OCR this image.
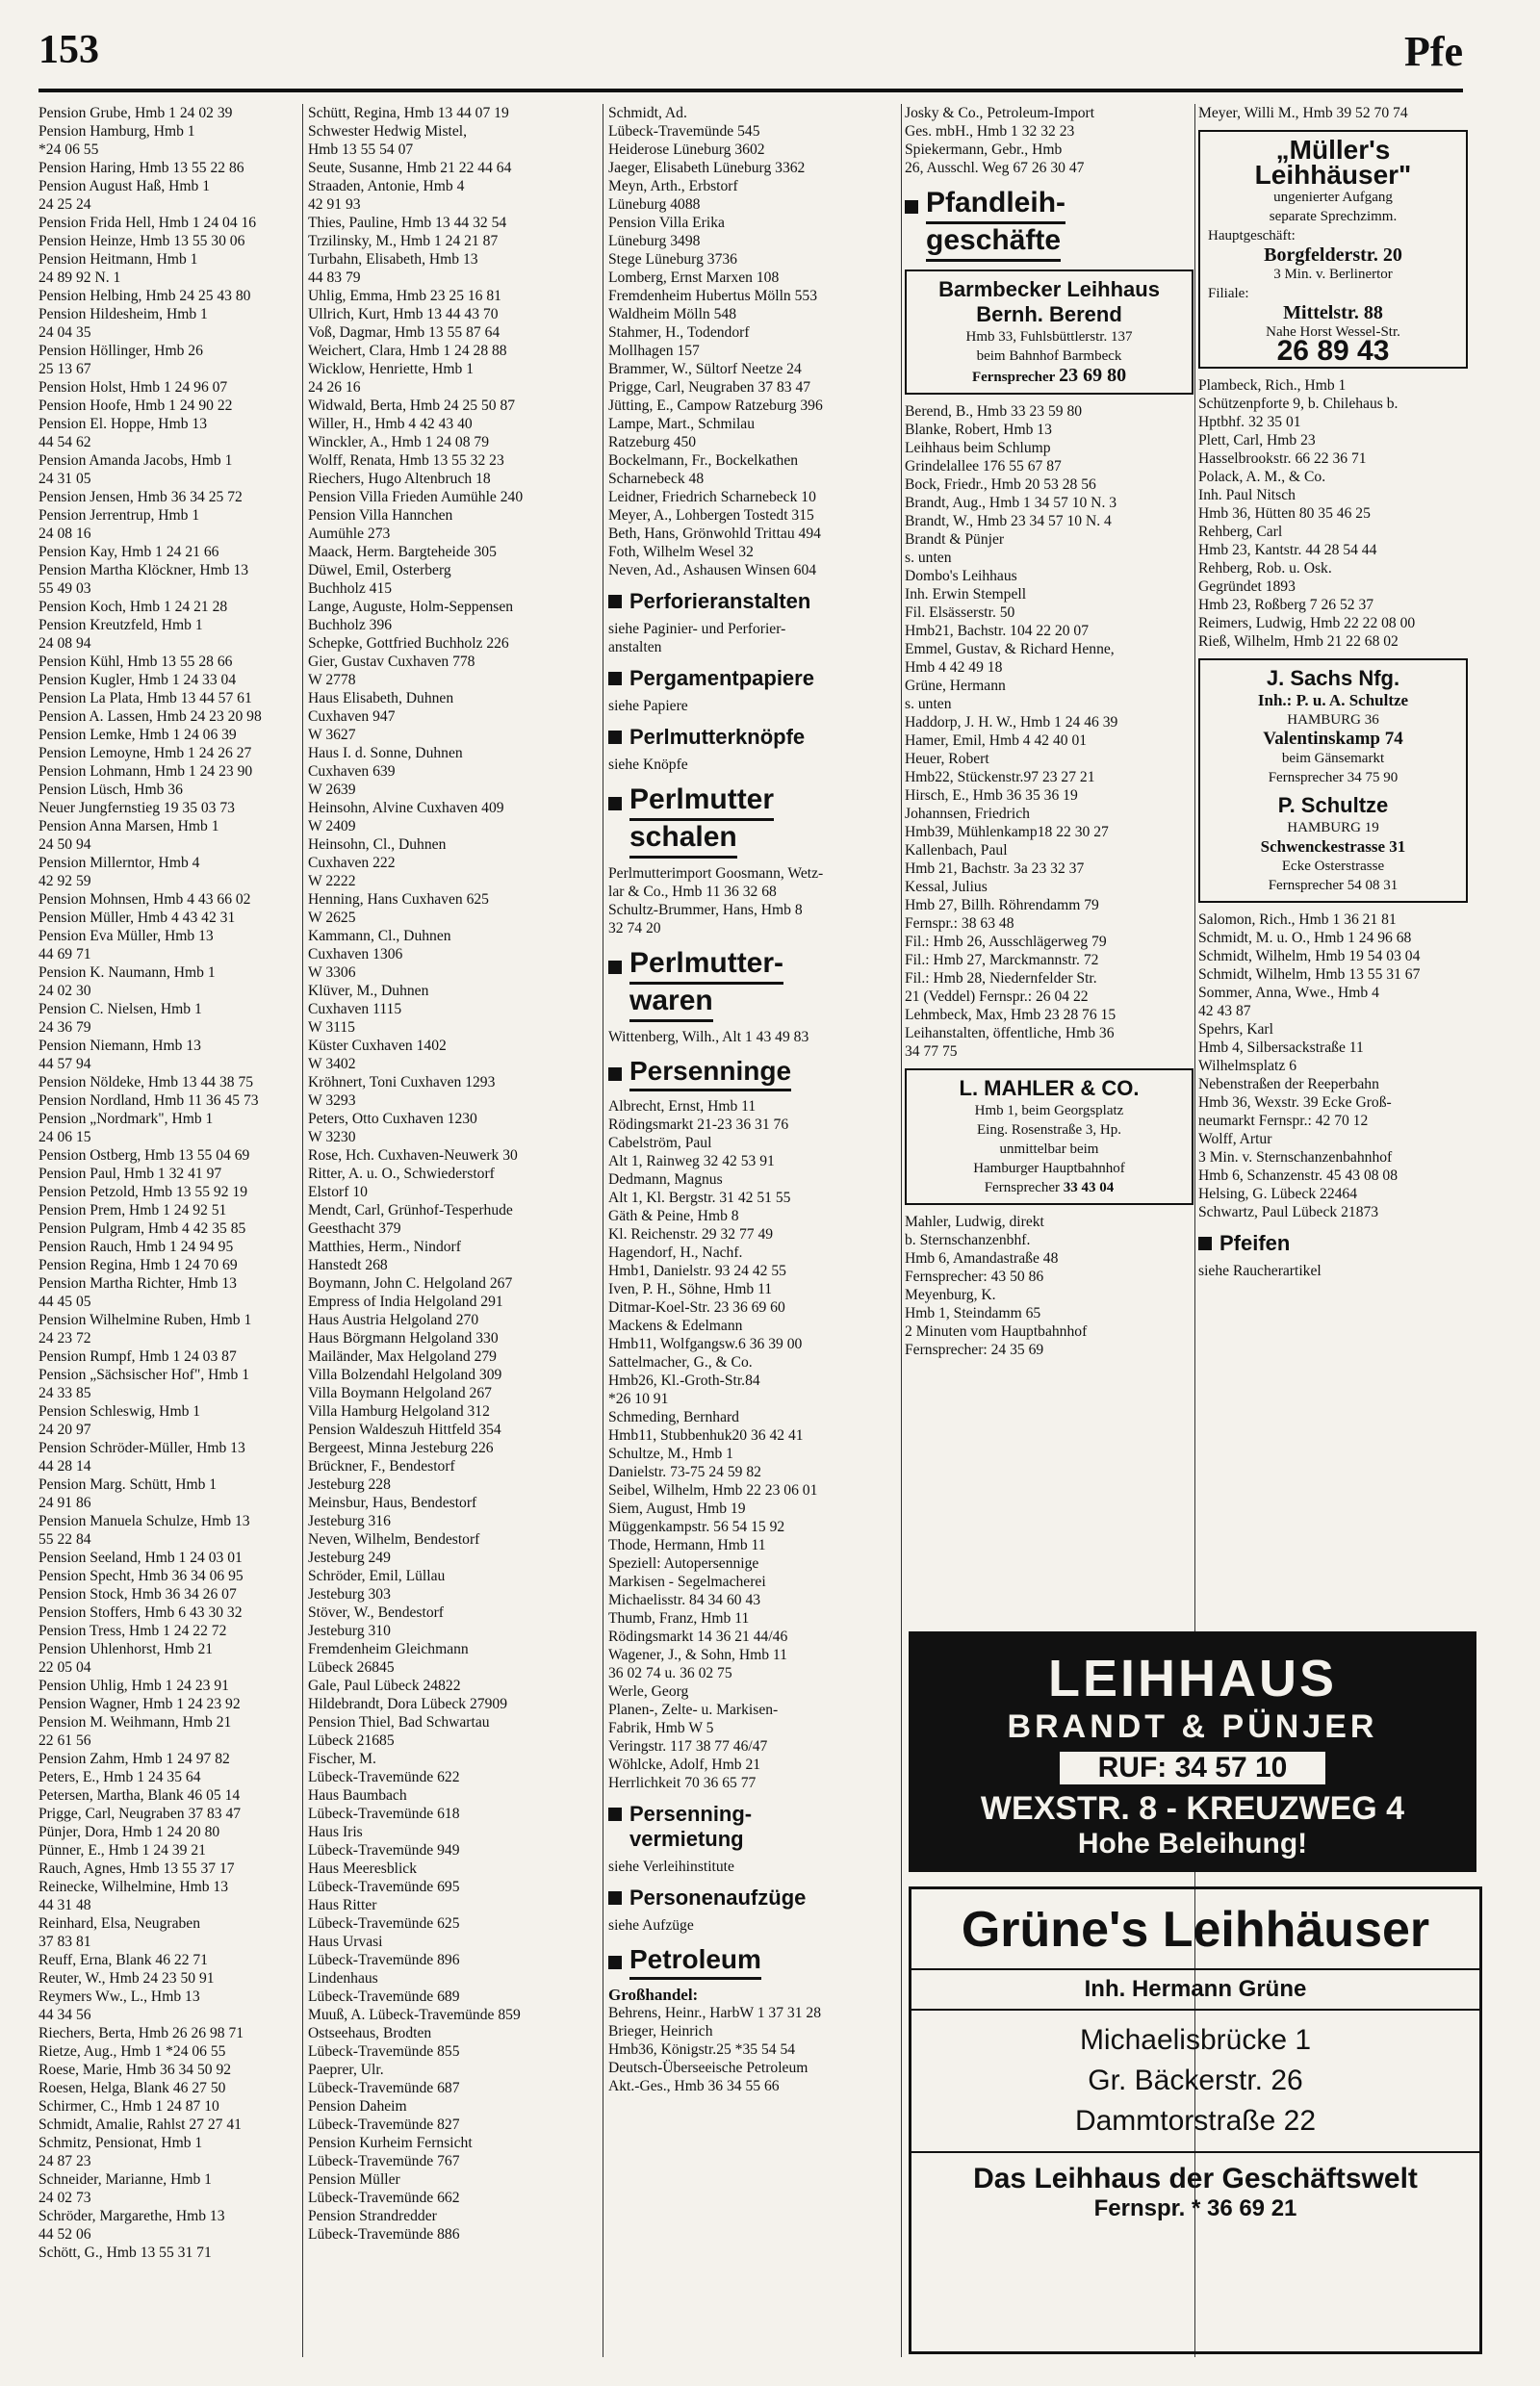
153	Pfe
Pension Grube, Hmb 1 24 02 39
Pension Hamburg, Hmb 1
*24 06 55
Pension Haring, Hmb 13 55 22 86
Pension August Haß, Hmb 1
24 25 24
Pension Frida Hell, Hmb 1 24 04 16
Pension Heinze, Hmb 13 55 30 06
Pension Heitmann, Hmb 1
24 89 92 N. 1
Pension Helbing, Hmb 24 25 43 80
Pension Hildesheim, Hmb 1
24 04 35
Pension Höllinger, Hmb 26
25 13 67
Pension Holst, Hmb 1 24 96 07
Pension Hoofe, Hmb 1 24 90 22
Pension El. Hoppe, Hmb 13
44 54 62
Pension Amanda Jacobs, Hmb 1
24 31 05
Pension Jensen, Hmb 36 34 25 72
Pension Jerrentrup, Hmb 1
24 08 16
Pension Kay, Hmb 1 24 21 66
Pension Martha Klöckner, Hmb 13
55 49 03
Pension Koch, Hmb 1 24 21 28
Pension Kreutzfeld, Hmb 1
24 08 94
Pension Kühl, Hmb 13 55 28 66
Pension Kugler, Hmb 1 24 33 04
Pension La Plata, Hmb 13 44 57 61
Pension A. Lassen, Hmb 24 23 20 98
Pension Lemke, Hmb 1 24 06 39
Pension Lemoyne, Hmb 1 24 26 27
Pension Lohmann, Hmb 1 24 23 90
Pension Lüsch, Hmb 36
Neuer Jungfernstieg 19 35 03 73
Pension Anna Marsen, Hmb 1
24 50 94
Pension Millerntor, Hmb 4
42 92 59
Pension Mohnsen, Hmb 4 43 66 02
Pension Müller, Hmb 4 43 42 31
Pension Eva Müller, Hmb 13
44 69 71
Pension K. Naumann, Hmb 1
24 02 30
Pension C. Nielsen, Hmb 1
24 36 79
Pension Niemann, Hmb 13
44 57 94
Pension Nöldeke, Hmb 13 44 38 75
Pension Nordland, Hmb 11 36 45 73
Pension „Nordmark", Hmb 1
24 06 15
Pension Ostberg, Hmb 13 55 04 69
Pension Paul, Hmb 1 32 41 97
Pension Petzold, Hmb 13 55 92 19
Pension Prem, Hmb 1 24 92 51
Pension Pulgram, Hmb 4 42 35 85
Pension Rauch, Hmb 1 24 94 95
Pension Regina, Hmb 1 24 70 69
Pension Martha Richter, Hmb 13
44 45 05
Pension Wilhelmine Ruben, Hmb 1
24 23 72
Pension Rumpf, Hmb 1 24 03 87
Pension „Sächsischer Hof", Hmb 1
24 33 85
Pension Schleswig, Hmb 1
24 20 97
Pension Schröder-Müller, Hmb 13
44 28 14
Pension Marg. Schütt, Hmb 1
24 91 86
Pension Manuela Schulze, Hmb 13
55 22 84
Pension Seeland, Hmb 1 24 03 01
Pension Specht, Hmb 36 34 06 95
Pension Stock, Hmb 36 34 26 07
Pension Stoffers, Hmb 6 43 30 32
Pension Tress, Hmb 1 24 22 72
Pension Uhlenhorst, Hmb 21
22 05 04
Pension Uhlig, Hmb 1 24 23 91
Pension Wagner, Hmb 1 24 23 92
Pension M. Weihmann, Hmb 21
22 61 56
Pension Zahm, Hmb 1 24 97 82
Peters, E., Hmb 1 24 35 64
Petersen, Martha, Blank 46 05 14
Prigge, Carl, Neugraben 37 83 47
Pünjer, Dora, Hmb 1 24 20 80
Pünner, E., Hmb 1 24 39 21
Rauch, Agnes, Hmb 13 55 37 17
Reinecke, Wilhelmine, Hmb 13
44 31 48
Reinhard, Elsa, Neugraben
37 83 81
Reuff, Erna, Blank 46 22 71
Reuter, W., Hmb 24 23 50 91
Reymers Ww., L., Hmb 13
44 34 56
Riechers, Berta, Hmb 26 26 98 71
Rietze, Aug., Hmb 1 *24 06 55
Roese, Marie, Hmb 36 34 50 92
Roesen, Helga, Blank 46 27 50
Schirmer, C., Hmb 1 24 87 10
Schmidt, Amalie, Rahlst 27 27 41
Schmitz, Pensionat, Hmb 1
24 87 23
Schneider, Marianne, Hmb 1
24 02 73
Schröder, Margarethe, Hmb 13
44 52 06
Schött, G., Hmb 13 55 31 71
Schütt, Regina, Hmb 13 44 07 19
Schwester Hedwig Mistel,
Hmb 13 55 54 07
Seute, Susanne, Hmb 21 22 44 64
Straaden, Antonie, Hmb 4
42 91 93
Thies, Pauline, Hmb 13 44 32 54
Trzilinsky, M., Hmb 1 24 21 87
Turbahn, Elisabeth, Hmb 13
44 83 79
Uhlig, Emma, Hmb 23 25 16 81
Ullrich, Kurt, Hmb 13 44 43 70
Voß, Dagmar, Hmb 13 55 87 64
Weichert, Clara, Hmb 1 24 28 88
Wicklow, Henriette, Hmb 1
24 26 16
Widwald, Berta, Hmb 24 25 50 87
Willer, H., Hmb 4 42 43 40
Winckler, A., Hmb 1 24 08 79
Wolff, Renata, Hmb 13 55 32 23
Riechers, Hugo Altenbruch 18
Pension Villa Frieden Aumühle 240
Pension Villa Hannchen
Aumühle 273
Maack, Herm. Bargteheide 305
Düwel, Emil, Osterberg
Buchholz 415
Lange, Auguste, Holm-Seppensen
Buchholz 396
Schepke, Gottfried Buchholz 226
Gier, Gustav Cuxhaven 778
W 2778
Haus Elisabeth, Duhnen
Cuxhaven 947
W 3627
Haus I. d. Sonne, Duhnen
Cuxhaven 639
W 2639
Heinsohn, Alvine Cuxhaven 409
W 2409
Heinsohn, Cl., Duhnen
Cuxhaven 222
W 2222
Henning, Hans Cuxhaven 625
W 2625
Kammann, Cl., Duhnen
Cuxhaven 1306
W 3306
Klüver, M., Duhnen
Cuxhaven 1115
W 3115
Küster Cuxhaven 1402
W 3402
Kröhnert, Toni Cuxhaven 1293
W 3293
Peters, Otto Cuxhaven 1230
W 3230
Rose, Hch. Cuxhaven-Neuwerk 30
Ritter, A. u. O., Schwiederstorf
Elstorf 10
Mendt, Carl, Grünhof-Tesperhude
Geesthacht 379
Matthies, Herm., Nindorf
Hanstedt 268
Boymann, John C. Helgoland 267
Empress of India Helgoland 291
Haus Austria Helgoland 270
Haus Börgmann Helgoland 330
Mailänder, Max Helgoland 279
Villa Bolzendahl Helgoland 309
Villa Boymann Helgoland 267
Villa Hamburg Helgoland 312
Pension Waldeszuh Hittfeld 354
Bergeest, Minna Jesteburg 226
Brückner, F., Bendestorf
Jesteburg 228
Meinsbur, Haus, Bendestorf
Jesteburg 316
Neven, Wilhelm, Bendestorf
Jesteburg 249
Schröder, Emil, Lüllau
Jesteburg 303
Stöver, W., Bendestorf
Jesteburg 310
Fremdenheim Gleichmann
Lübeck 26845
Gale, Paul Lübeck 24822
Hildebrandt, Dora Lübeck 27909
Pension Thiel, Bad Schwartau
Lübeck 21685
Fischer, M.
Lübeck-Travemünde 622
Haus Baumbach
Lübeck-Travemünde 618
Haus Iris
Lübeck-Travemünde 949
Haus Meeresblick
Lübeck-Travemünde 695
Haus Ritter
Lübeck-Travemünde 625
Haus Urvasi
Lübeck-Travemünde 896
Lindenhaus
Lübeck-Travemünde 689
Muuß, A. Lübeck-Travemünde 859
Ostseehaus, Brodten
Lübeck-Travemünde 855
Paeprer, Ulr.
Lübeck-Travemünde 687
Pension Daheim
Lübeck-Travemünde 827
Pension Kurheim Fernsicht
Lübeck-Travemünde 767
Pension Müller
Lübeck-Travemünde 662
Pension Strandredder
Lübeck-Travemünde 886
Schmidt, Ad.
Lübeck-Travemünde 545
Heiderose Lüneburg 3602
Jaeger, Elisabeth Lüneburg 3362
Meyn, Arth., Erbstorf
Lüneburg 4088
Pension Villa Erika
Lüneburg 3498
Stege Lüneburg 3736
Lomberg, Ernst Marxen 108
Fremdenheim Hubertus Mölln 553
Waldheim Mölln 548
Stahmer, H., Todendorf
Mollhagen 157
Brammer, W., Sültorf Neetze 24
Prigge, Carl, Neugraben 37 83 47
Jütting, E., Campow Ratzeburg 396
Lampe, Mart., Schmilau
Ratzeburg 450
Bockelmann, Fr., Bockelkathen
Scharnebeck 48
Leidner, Friedrich Scharnebeck 10
Meyer, A., Lohbergen Tostedt 315
Beth, Hans, Grönwohld Trittau 494
Foth, Wilhelm Wesel 32
Neven, Ad., Ashausen Winsen 604
Perforieranstalten
siehe Paginier- und Perforier-
anstalten
Pergamentpapiere
siehe Papiere
Perlmutterknöpfe
siehe Knöpfe
Perlmutter
schalen
Perlmutterimport Goosmann, Wetz-
lar & Co., Hmb 11 36 32 68
Schultz-Brummer, Hans, Hmb 8
32 74 20
Perlmutter-
waren
Wittenberg, Wilh., Alt 1 43 49 83
Persenninge
Albrecht, Ernst, Hmb 11
Rödingsmarkt 21-23 36 31 76
Cabelström, Paul
Alt 1, Rainweg 32 42 53 91
Dedmann, Magnus
Alt 1, Kl. Bergstr. 31 42 51 55
Gäth & Peine, Hmb 8
Kl. Reichenstr. 29 32 77 49
Hagendorf, H., Nachf.
Hmb1, Danielstr. 93 24 42 55
Iven, P. H., Söhne, Hmb 11
Ditmar-Koel-Str. 23 36 69 60
Mackens & Edelmann
Hmb11, Wolfgangsw.6 36 39 00
Sattelmacher, G., & Co.
Hmb26, Kl.-Groth-Str.84
*26 10 91
Schmeding, Bernhard
Hmb11, Stubbenhuk20 36 42 41
Schultze, M., Hmb 1
Danielstr. 73-75 24 59 82
Seibel, Wilhelm, Hmb 22 23 06 01
Siem, August, Hmb 19
Müggenkampstr. 56 54 15 92
Thode, Hermann, Hmb 11
Speziell: Autopersennige
Markisen - Segelmacherei
Michaelisstr. 84 34 60 43
Thumb, Franz, Hmb 11
Rödingsmarkt 14 36 21 44/46
Wagener, J., & Sohn, Hmb 11
36 02 74 u. 36 02 75
Werle, Georg
Planen-, Zelte- u. Markisen-
Fabrik, Hmb W 5
Veringstr. 117 38 77 46/47
Wöhlcke, Adolf, Hmb 21
Herrlichkeit 70 36 65 77
Persenning-
vermietung
siehe Verleihinstitute
Personenaufzüge
siehe Aufzüge
Petroleum
Großhandel:
Behrens, Heinr., HarbW 1 37 31 28
Brieger, Heinrich
Hmb36, Königstr.25 *35 54 54
Deutsch-Überseeische Petroleum
Akt.-Ges., Hmb 36 34 55 66
Josky & Co., Petroleum-Import
Ges. mbH., Hmb 1 32 32 23
Spiekermann, Gebr., Hmb
26, Ausschl. Weg 67 26 30 47
Pfandleih-
geschäfte
Barmbecker Leihhaus
Bernh. Berend
Hmb 33, Fuhlsbüttlerstr. 137
beim Bahnhof Barmbeck
Fernsprecher 23 69 80
Berend, B., Hmb 33 23 59 80
Blanke, Robert, Hmb 13
Leihhaus beim Schlump
Grindelallee 176 55 67 87
Bock, Friedr., Hmb 20 53 28 56
Brandt, Aug., Hmb 1 34 57 10 N. 3
Brandt, W., Hmb 23 34 57 10 N. 4
Brandt & Pünjer
s. unten
Dombo's Leihhaus
Inh. Erwin Stempell
Fil. Elsässerstr. 50
Hmb21, Bachstr. 104 22 20 07
Emmel, Gustav, & Richard Henne,
Hmb 4 42 49 18
Grüne, Hermann
s. unten
Haddorp, J. H. W., Hmb 1 24 46 39
Hamer, Emil, Hmb 4 42 40 01
Heuer, Robert
Hmb22, Stückenstr.97 23 27 21
Hirsch, E., Hmb 36 35 36 19
Johannsen, Friedrich
Hmb39, Mühlenkamp18 22 30 27
Kallenbach, Paul
Hmb 21, Bachstr. 3a 23 32 37
Kessal, Julius
Hmb 27, Billh. Röhrendamm 79
Fernspr.: 38 63 48
Fil.: Hmb 26, Ausschlägerweg 79
Fil.: Hmb 27, Marckmannstr. 72
Fil.: Hmb 28, Niedernfelder Str.
21 (Veddel) Fernspr.: 26 04 22
Lehmbeck, Max, Hmb 23 28 76 15
Leihanstalten, öffentliche, Hmb 36
34 77 75
L. MAHLER & CO.
Hmb 1, beim Georgsplatz
Eing. Rosenstraße 3, Hp.
unmittelbar beim
Hamburger Hauptbahnhof
Fernsprecher 33 43 04
Mahler, Ludwig, direkt
b. Sternschanzenbhf.
Hmb 6, Amandastraße 48
Fernsprecher: 43 50 86
Meyenburg, K.
Hmb 1, Steindamm 65
2 Minuten vom Hauptbahnhof
Fernsprecher: 24 35 69
Meyer, Willi M., Hmb 39 52 70 74
„Müller's
Leihhäuser"
ungenierter Aufgang
separate Sprechzimm.
Hauptgeschäft:
Borgfelderstr. 20
3 Min. v. Berlinertor
Filiale:
Mittelstr. 88
Nahe Horst Wessel-Str.
26 89 43
Plambeck, Rich., Hmb 1
Schützenpforte 9, b. Chilehaus b.
Hptbhf. 32 35 01
Plett, Carl, Hmb 23
Hasselbrookstr. 66 22 36 71
Polack, A. M., & Co.
Inh. Paul Nitsch
Hmb 36, Hütten 80 35 46 25
Rehberg, Carl
Hmb 23, Kantstr. 44 28 54 44
Rehberg, Rob. u. Osk.
Gegründet 1893
Hmb 23, Roßberg 7 26 52 37
Reimers, Ludwig, Hmb 22 22 08 00
Rieß, Wilhelm, Hmb 21 22 68 02
J. Sachs Nfg.
Inh.: P. u. A. Schultze
HAMBURG 36
Valentinskamp 74
beim Gänsemarkt
Fernsprecher 34 75 90
P. Schultze
HAMBURG 19
Schwenckestrasse 31
Ecke Osterstrasse
Fernsprecher 54 08 31
Salomon, Rich., Hmb 1 36 21 81
Schmidt, M. u. O., Hmb 1 24 96 68
Schmidt, Wilhelm, Hmb 19 54 03 04
Schmidt, Wilhelm, Hmb 13 55 31 67
Sommer, Anna, Wwe., Hmb 4
42 43 87
Spehrs, Karl
Hmb 4, Silbersackstraße 11
Wilhelmsplatz 6
Nebenstraßen der Reeperbahn
Hmb 36, Wexstr. 39 Ecke Groß-
neumarkt Fernspr.: 42 70 12
Wolff, Artur
3 Min. v. Sternschanzenbahnhof
Hmb 6, Schanzenstr. 45 43 08 08
Helsing, G. Lübeck 22464
Schwartz, Paul Lübeck 21873
Pfeifen
siehe Raucherartikel
LEIHHAUS
BRANDT & PÜNJER
RUF: 34 57 10
WEXSTR. 8 - KREUZWEG 4
Hohe Beleihung!
Grüne's Leihhäuser
Inh. Hermann Grüne
Michaelisbrücke 1
Gr. Bäckerstr. 26
Dammtorstraße 22
Das Leihhaus der Geschäftswelt
Fernspr. * 36 69 21
